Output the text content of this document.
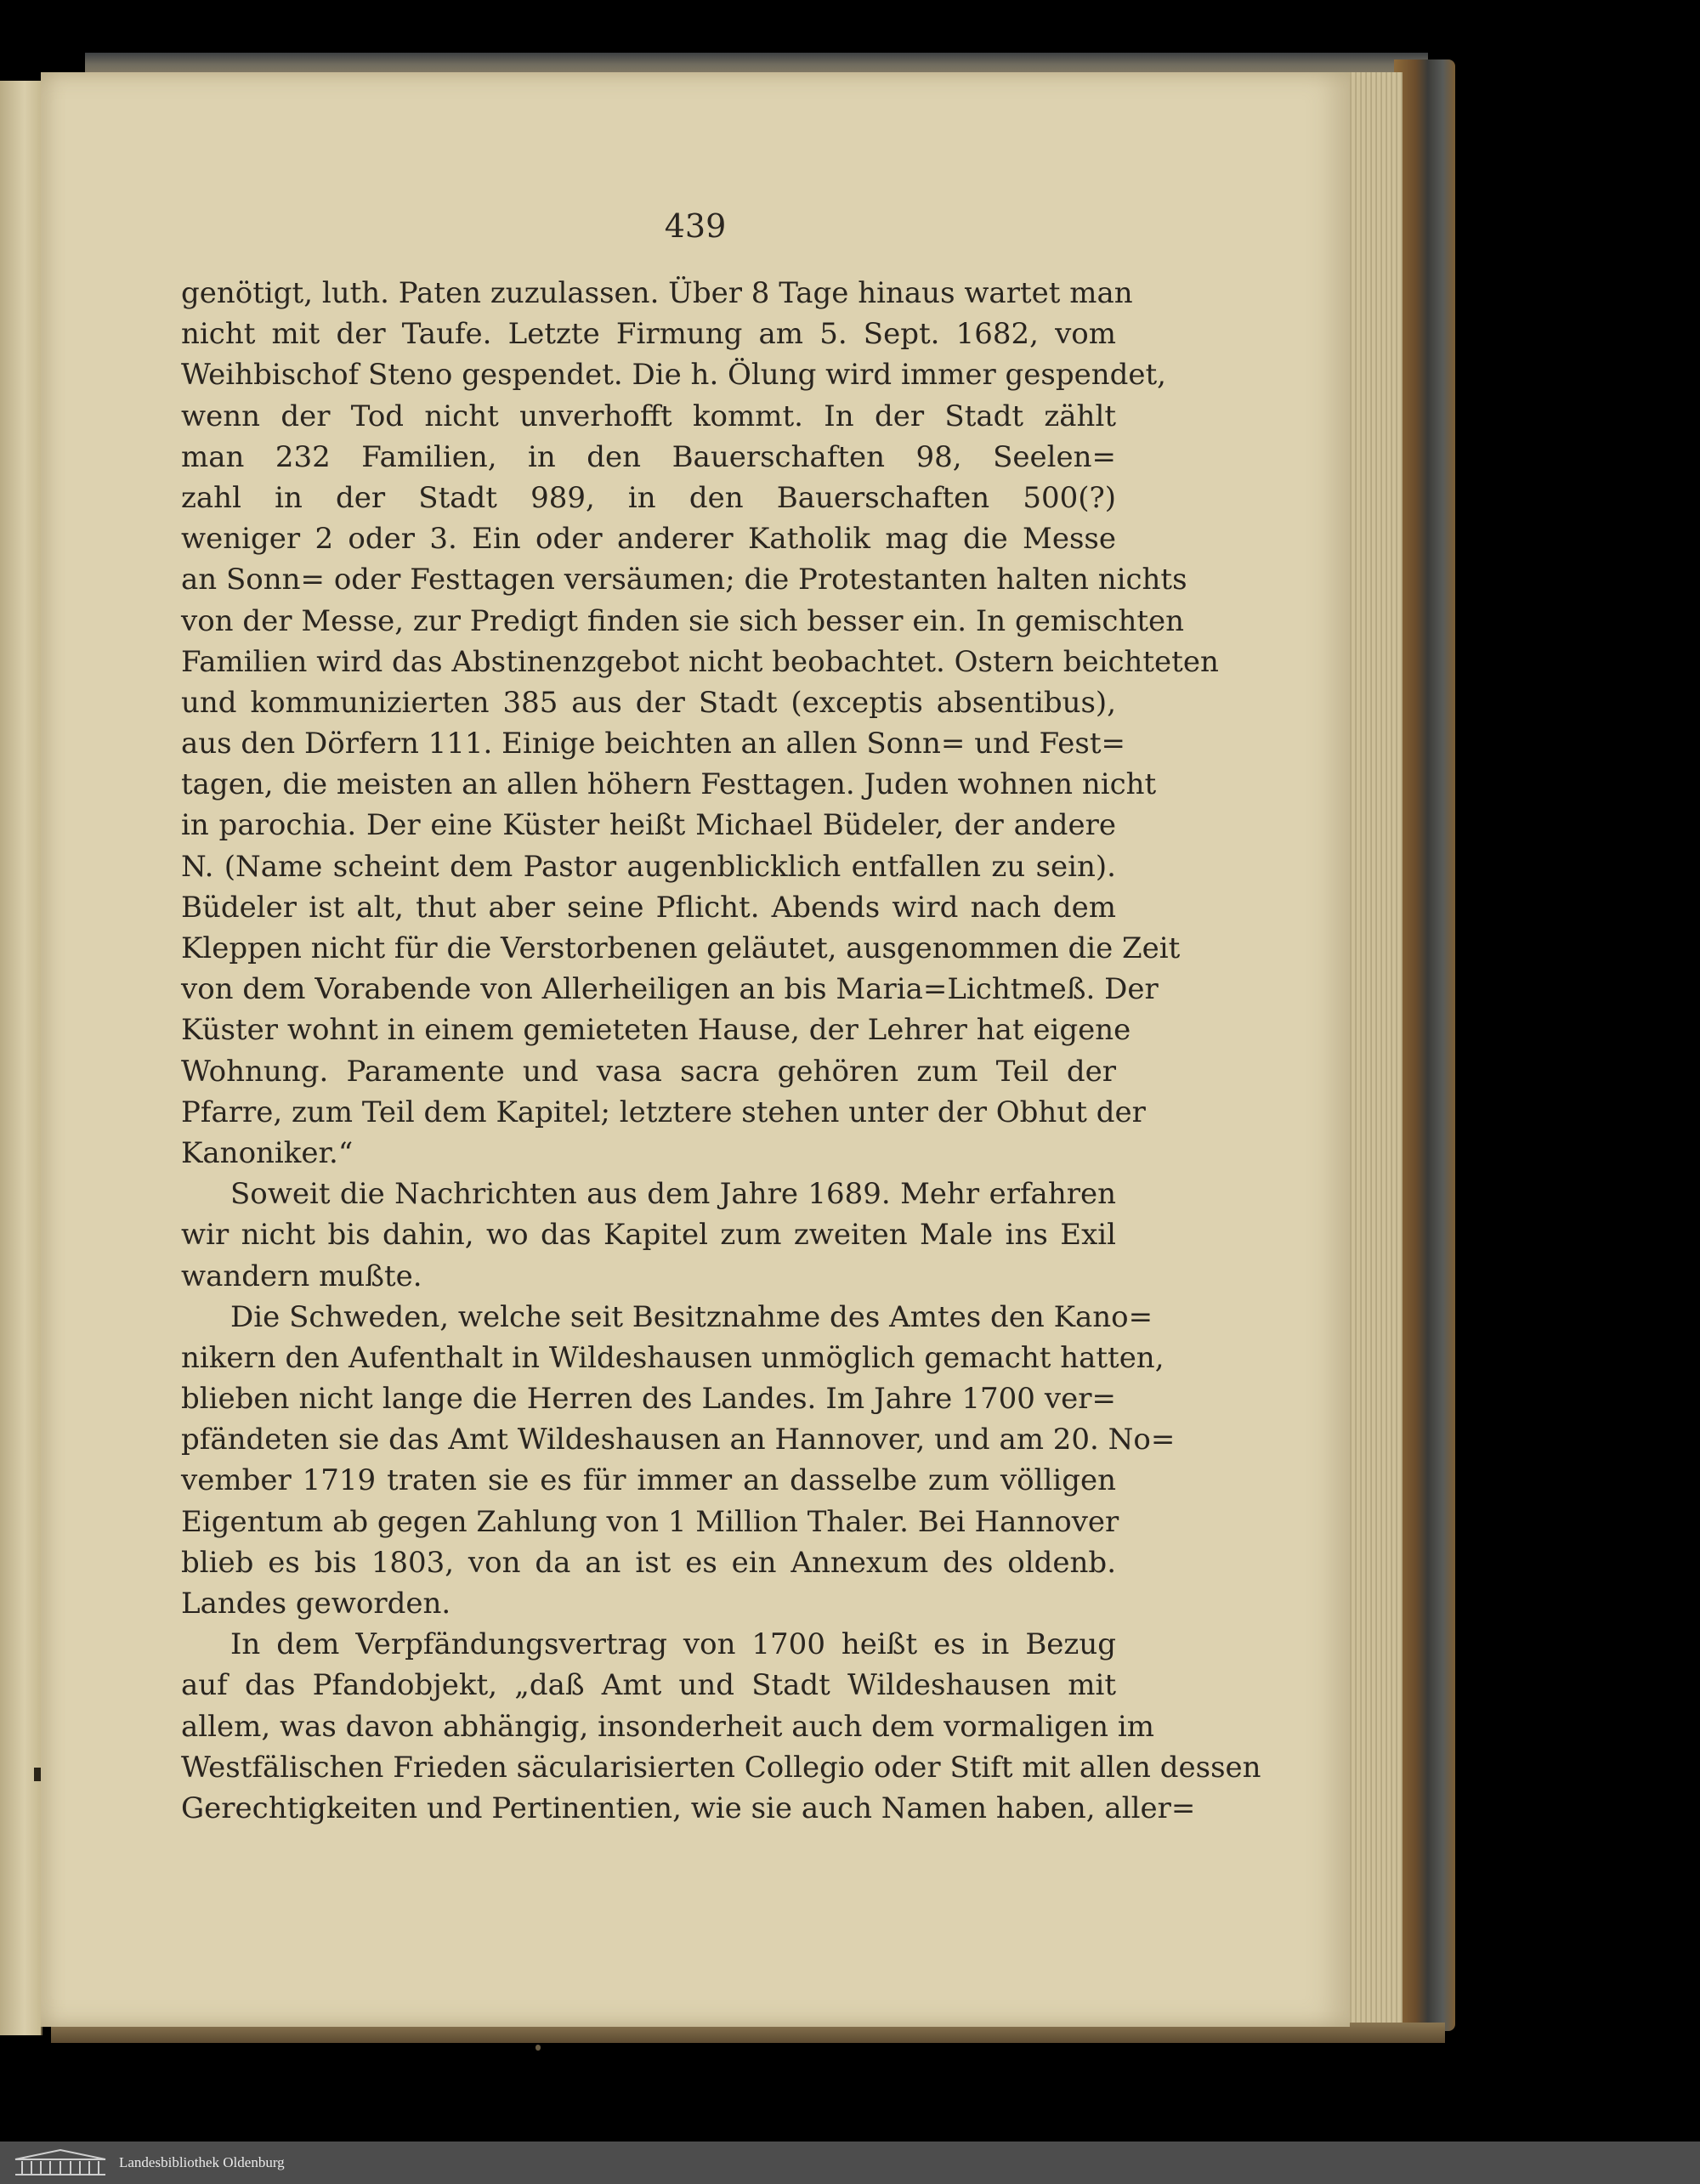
439

genötigt, luth. Paten zuzulassen. Über 8 Tage hinaus wartet man
nicht mit der Taufe. Letzte Firmung am 5. Sept. 1682, vom
Weihbischof Steno gespendet. Die h. Ölung wird immer gespendet,
wenn der Tod nicht unverhofft kommt. In der Stadt zählt
man 232 Familien, in den Bauerschaften 98, Seelen=
zahl in der Stadt 989, in den Bauerschaften 500(?)
weniger 2 oder 3. Ein oder anderer Katholik mag die Messe
an Sonn= oder Festtagen versäumen; die Protestanten halten nichts
von der Messe, zur Predigt finden sie sich besser ein. In gemischten
Familien wird das Abstinenzgebot nicht beobachtet. Ostern beichteten
und kommunizierten 385 aus der Stadt (exceptis absentibus),
aus den Dörfern 111. Einige beichten an allen Sonn= und Fest=
tagen, die meisten an allen höhern Festtagen. Juden wohnen nicht
in parochia. Der eine Küster heißt Michael Büdeler, der andere
N. (Name scheint dem Pastor augenblicklich entfallen zu sein).
Büdeler ist alt, thut aber seine Pflicht. Abends wird nach dem
Kleppen nicht für die Verstorbenen geläutet, ausgenommen die Zeit
von dem Vorabende von Allerheiligen an bis Maria=Lichtmeß. Der
Küster wohnt in einem gemieteten Hause, der Lehrer hat eigene
Wohnung. Paramente und vasa sacra gehören zum Teil der
Pfarre, zum Teil dem Kapitel; letztere stehen unter der Obhut der
Kanoniker.“
Soweit die Nachrichten aus dem Jahre 1689. Mehr erfahren
wir nicht bis dahin, wo das Kapitel zum zweiten Male ins Exil
wandern mußte.
Die Schweden, welche seit Besitznahme des Amtes den Kano=
nikern den Aufenthalt in Wildeshausen unmöglich gemacht hatten,
blieben nicht lange die Herren des Landes. Im Jahre 1700 ver=
pfändeten sie das Amt Wildeshausen an Hannover, und am 20. No=
vember 1719 traten sie es für immer an dasselbe zum völligen
Eigentum ab gegen Zahlung von 1 Million Thaler. Bei Hannover
blieb es bis 1803, von da an ist es ein Annexum des oldenb.
Landes geworden.
In dem Verpfändungsvertrag von 1700 heißt es in Bezug
auf das Pfandobjekt, „daß Amt und Stadt Wildeshausen mit
allem, was davon abhängig, insonderheit auch dem vormaligen im
Westfälischen Frieden säcularisierten Collegio oder Stift mit allen dessen
Gerechtigkeiten und Pertinentien, wie sie auch Namen haben, aller=
Landesbibliothek Oldenburg
